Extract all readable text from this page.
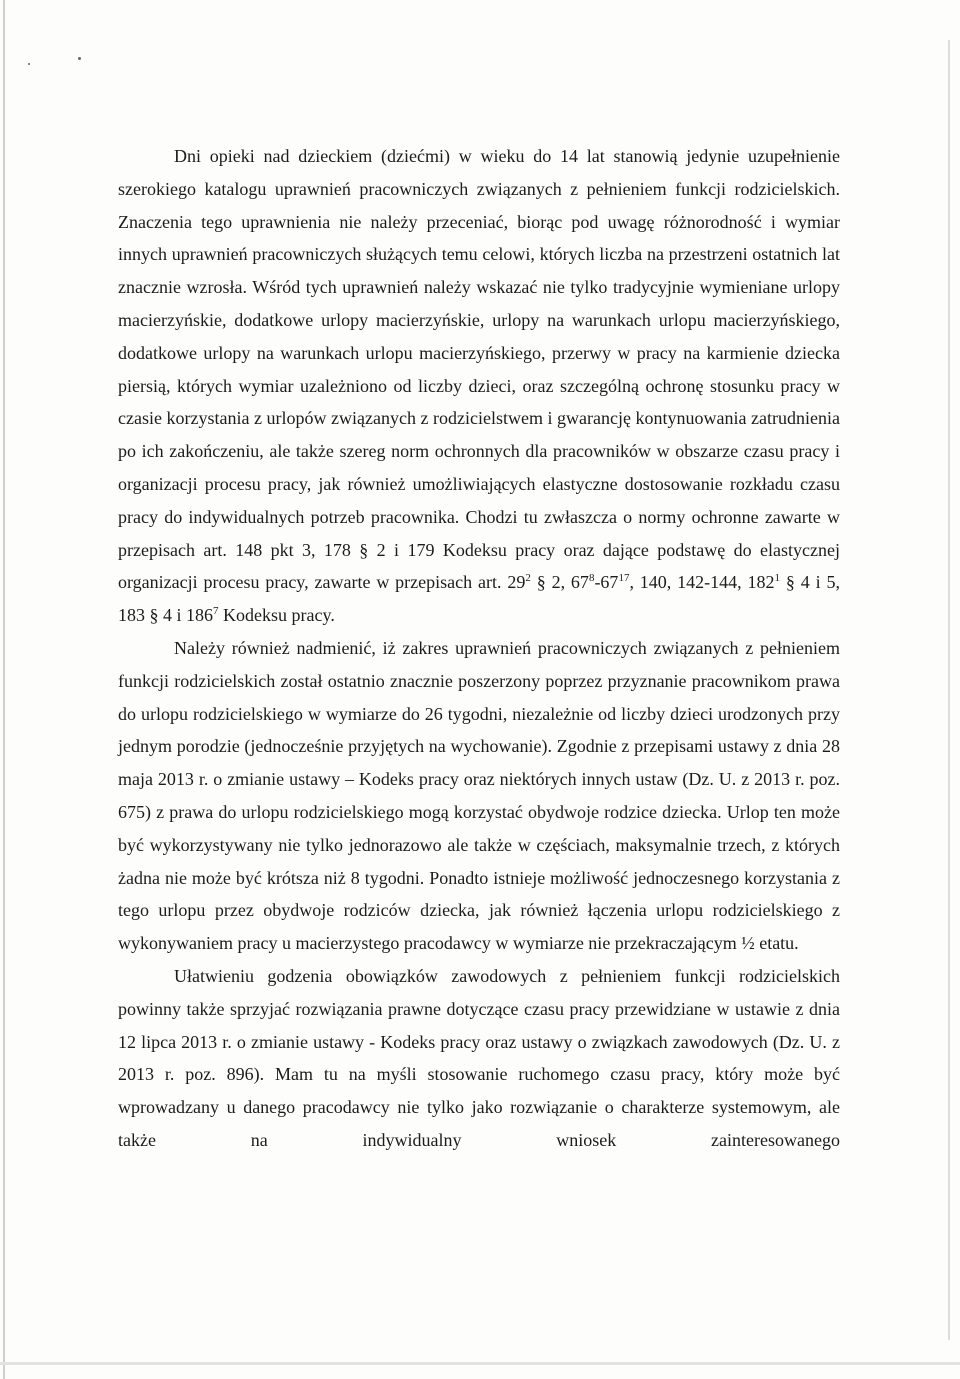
Dni opieki nad dzieckiem (dziećmi) w wieku do 14 lat stanowią jedynie uzupełnienie szerokiego katalogu uprawnień pracowniczych związanych z pełnieniem funkcji rodzicielskich. Znaczenia tego uprawnienia nie należy przeceniać, biorąc pod uwagę różnorodność i wymiar innych uprawnień pracowniczych służących temu celowi, których liczba na przestrzeni ostatnich lat znacznie wzrosła. Wśród tych uprawnień należy wskazać nie tylko tradycyjnie wymieniane urlopy macierzyńskie, dodatkowe urlopy macierzyńskie, urlopy na warunkach urlopu macierzyńskiego, dodatkowe urlopy na warunkach urlopu macierzyńskiego, przerwy w pracy na karmienie dziecka piersią, których wymiar uzależniono od liczby dzieci, oraz szczególną ochronę stosunku pracy w czasie korzystania z urlopów związanych z rodzicielstwem i gwarancję kontynuowania zatrudnienia po ich zakończeniu, ale także szereg norm ochronnych dla pracowników w obszarze czasu pracy i organizacji procesu pracy, jak również umożliwiających elastyczne dostosowanie rozkładu czasu pracy do indywidualnych potrzeb pracownika. Chodzi tu zwłaszcza o normy ochronne zawarte w przepisach art. 148 pkt 3, 178 § 2 i 179 Kodeksu pracy oraz dające podstawę do elastycznej organizacji procesu pracy, zawarte w przepisach art. $29^2$ § 2, $67^8-67^{17}$, 140, 142-144, $182^1$ § 4 i 5, 183 § 4 i $186^7$ Kodeksu pracy.

Należy również nadmienić, iż zakres uprawnień pracowniczych związanych z pełnieniem funkcji rodzicielskich został ostatnio znacznie poszerzony poprzez przyznanie pracownikom prawa do urlopu rodzicielskiego w wymiarze do 26 tygodni, niezależnie od liczby dzieci urodzonych przy jednym porodzie (jednocześnie przyjętych na wychowanie). Zgodnie z przepisami ustawy z dnia 28 maja 2013 r. o zmianie ustawy – Kodeks pracy oraz niektórych innych ustaw (Dz. U. z 2013 r. poz. 675) z prawa do urlopu rodzicielskiego mogą korzystać obydwoje rodzice dziecka. Urlop ten może być wykorzystywany nie tylko jednorazowo ale także w częściach, maksymalnie trzech, z których żadna nie może być krótsza niż 8 tygodni. Ponadto istnieje możliwość jednoczesnego korzystania z tego urlopu przez obydwoje rodziców dziecka, jak również łączenia urlopu rodzicielskiego z wykonywaniem pracy u macierzystego pracodawcy w wymiarze nie przekraczającym ½ etatu.

Ułatwieniu godzenia obowiązków zawodowych z pełnieniem funkcji rodzicielskich powinny także sprzyjać rozwiązania prawne dotyczące czasu pracy przewidziane w ustawie z dnia 12 lipca 2013 r. o zmianie ustawy - Kodeks pracy oraz ustawy o związkach zawodowych (Dz. U. z 2013 r. poz. 896). Mam tu na myśli stosowanie ruchomego czasu pracy, który może być wprowadzany u danego pracodawcy nie tylko jako rozwiązanie o charakterze systemowym, ale także na indywidualny wniosek zainteresowanego
